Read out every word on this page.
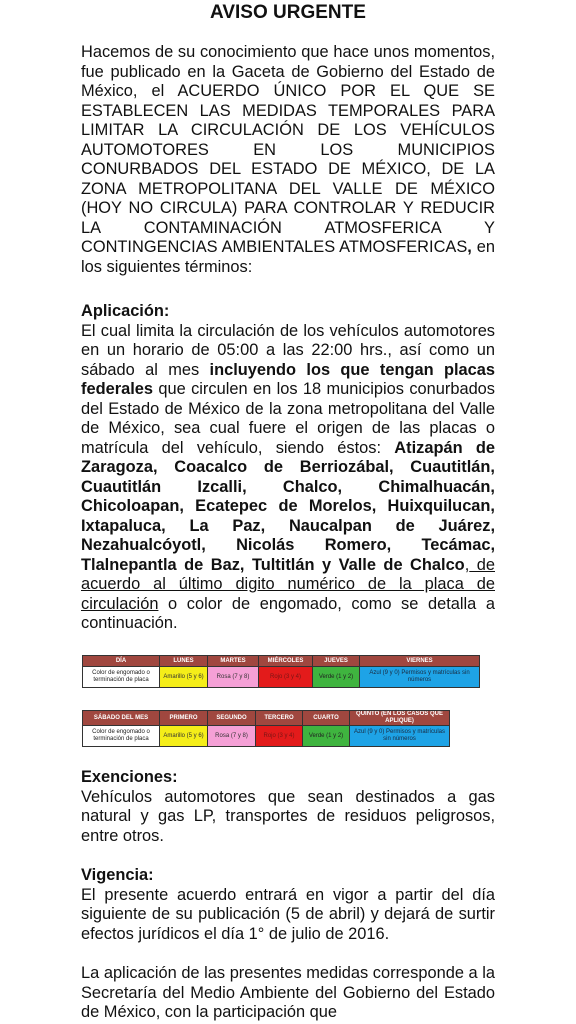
AVISO URGENTE
Hacemos de su conocimiento que hace unos momentos, fue publicado en la Gaceta de Gobierno del Estado de México, el ACUERDO ÚNICO POR EL QUE SE ESTABLECEN LAS MEDIDAS TEMPORALES PARA LIMITAR LA CIRCULACIÓN DE LOS VEHÍCULOS AUTOMOTORES EN LOS MUNICIPIOS CONURBADOS DEL ESTADO DE MÉXICO, DE LA ZONA METROPOLITANA DEL VALLE DE MÉXICO (HOY NO CIRCULA) PARA CONTROLAR Y REDUCIR LA CONTAMINACIÓN ATMOSFERICA Y CONTINGENCIAS AMBIENTALES ATMOSFERICAS, en los siguientes términos:
Aplicación:
El cual limita la circulación de los vehículos automotores en un horario de 05:00 a las 22:00 hrs., así como un sábado al mes incluyendo los que tengan placas federales que circulen en los 18 municipios conurbados del Estado de México de la zona metropolitana del Valle de México, sea cual fuere el origen de las placas o matrícula del vehículo, siendo éstos: Atizapán de Zaragoza, Coacalco de Berriozábal, Cuautitlán, Cuautitlán Izcalli, Chalco, Chimalhuacán, Chicoloapan, Ecatepec de Morelos, Huixquilucan, Ixtapaluca, La Paz, Naucalpan de Juárez, Nezahualcóyotl, Nicolás Romero, Tecámac, Tlalnepantla de Baz, Tultitlán y Valle de Chalco, de acuerdo al último digito numérico de la placa de circulación o color de engomado, como se detalla a continuación.
DÍA	LUNES	MARTES	MIÉRCOLES	JUEVES	VIERNES
Color de engomado o terminación de placa	Amarillo (5 y 6)	Rosa (7 y 8)	Rojo (3 y 4)	Verde (1 y 2)	Azul (9 y 0) Permisos y matrículas sin números
SÁBADO DEL MES	PRIMERO	SEGUNDO	TERCERO	CUARTO	QUINTO (EN LOS CASOS QUE APLIQUE)
Color de engomado o terminación de placa	Amarillo (5 y 6)	Rosa (7 y 8)	Rojo (3 y 4)	Verde (1 y 2)	Azul (9 y 0) Permisos y matrículas sin números
Exenciones:
Vehículos automotores que sean destinados a gas natural y gas LP, transportes de residuos peligrosos, entre otros.
Vigencia:
El presente acuerdo entrará en vigor a partir del día siguiente de su publicación (5 de abril) y dejará de surtir efectos jurídicos el día 1° de julio de 2016.
La aplicación de las presentes medidas corresponde a la Secretaría del Medio Ambiente del Gobierno del Estado de México, con la participación que
